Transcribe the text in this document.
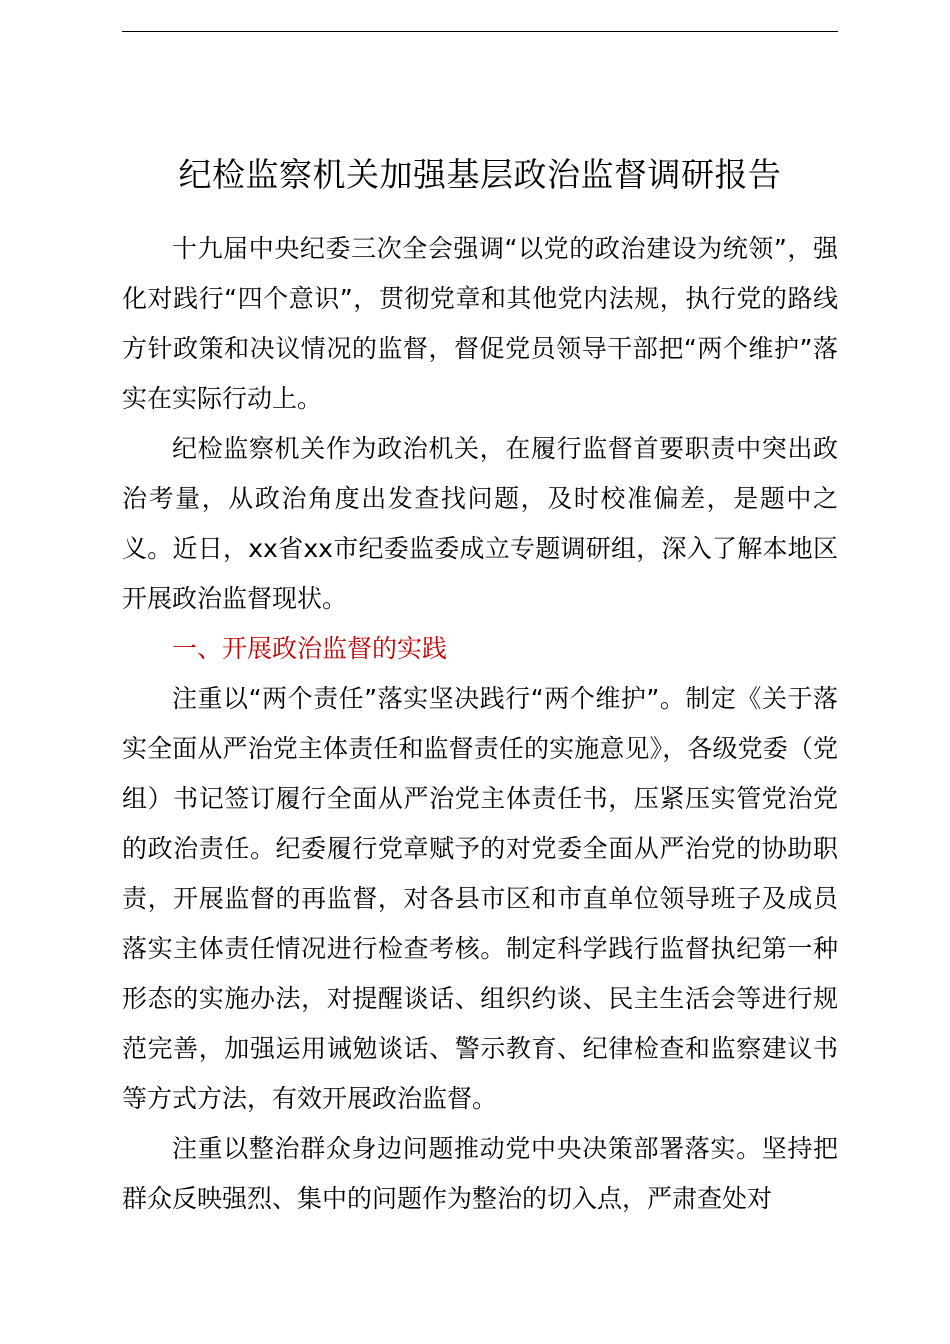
纪检监察机关加强基层政治监督调研报告

十九届中央纪委三次全会强调“以党的政治建设为统领”，强化对践行“四个意识”，贯彻党章和其他党内法规，执行党的路线方针政策和决议情况的监督，督促党员领导干部把“两个维护”落实在实际行动上。

纪检监察机关作为政治机关，在履行监督首要职责中突出政治考量，从政治角度出发查找问题，及时校准偏差，是题中之义。近日，xx省xx市纪委监委成立专题调研组，深入了解本地区开展政治监督现状。

一、开展政治监督的实践

注重以“两个责任”落实坚决践行“两个维护”。制定《关于落实全面从严治党主体责任和监督责任的实施意见》，各级党委（党组）书记签订履行全面从严治党主体责任书，压紧压实管党治党的政治责任。纪委履行党章赋予的对党委全面从严治党的协助职责，开展监督的再监督，对各县市区和市直单位领导班子及成员落实主体责任情况进行检查考核。制定科学践行监督执纪第一种形态的实施办法，对提醒谈话、组织约谈、民主生活会等进行规范完善，加强运用诫勉谈话、警示教育、纪律检查和监察建议书等方式方法，有效开展政治监督。

注重以整治群众身边问题推动党中央决策部署落实。坚持把群众反映强烈、集中的问题作为整治的切入点，严肃查处对
